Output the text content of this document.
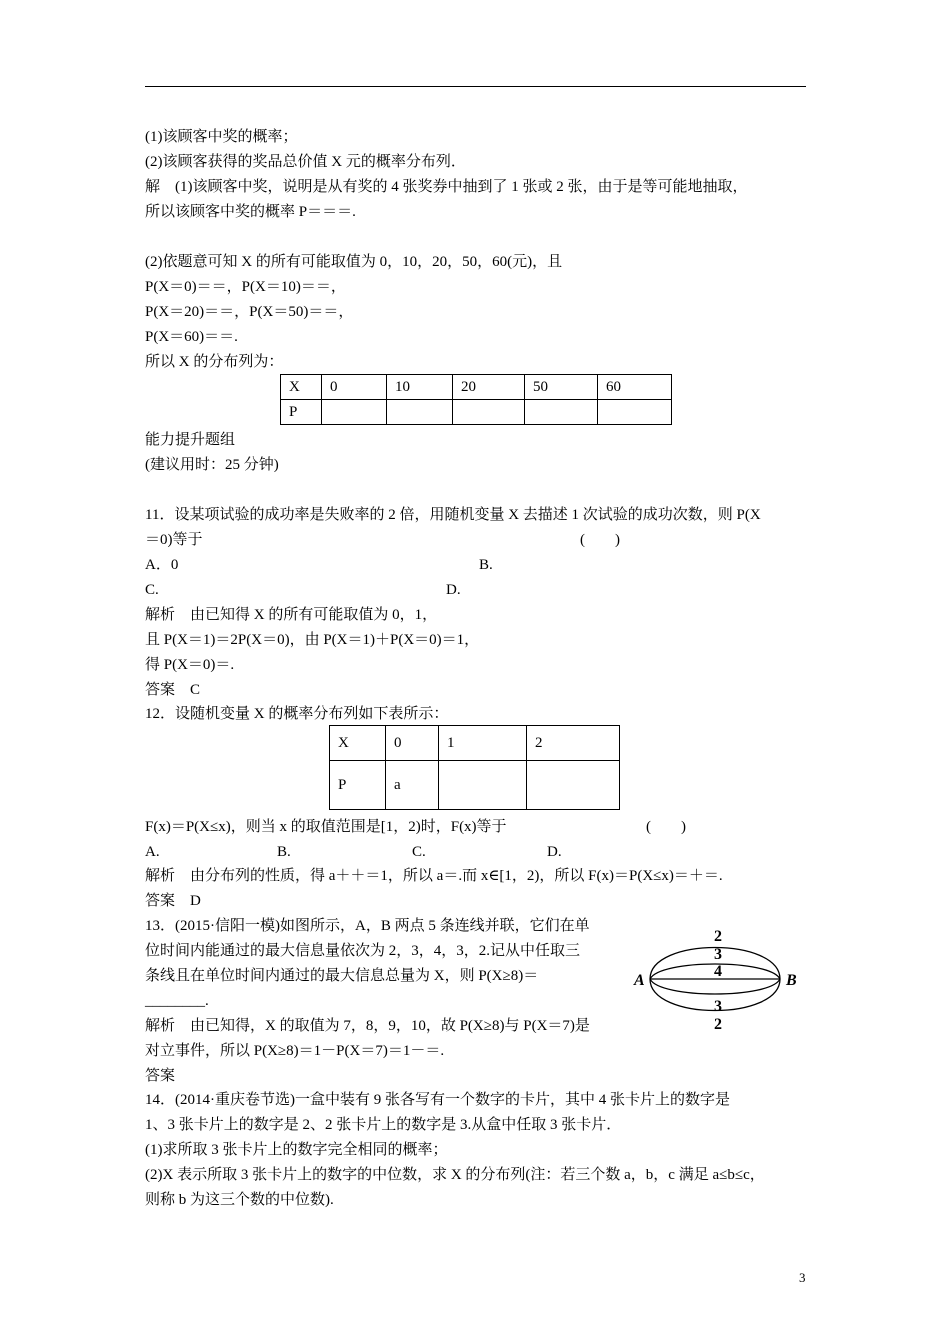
(1)该顾客中奖的概率；
(2)该顾客获得的奖品总价值 X 元的概率分布列．
解　(1)该顾客中奖，说明是从有奖的 4 张奖券中抽到了 1 张或 2 张，由于是等可能地抽取，
所以该顾客中奖的概率 P＝＝＝.
(2)依题意可知 X 的所有可能取值为 0，10，20，50，60(元)，且
P(X＝0)＝＝，P(X＝10)＝＝，
P(X＝20)＝＝，P(X＝50)＝＝，
P(X＝60)＝＝.
所以 X 的分布列为：
X	0	10	20	50	60
P					
能力提升题组
(建议用时：25 分钟)
11．设某项试验的成功率是失败率的 2 倍，用随机变量 X 去描述 1 次试验的成功次数，则 P(X
＝0)等于	(　　)
A．0	B.
C.	D.
解析　由已知得 X 的所有可能取值为 0，1，
且 P(X＝1)＝2P(X＝0)，由 P(X＝1)＋P(X＝0)＝1，
得 P(X＝0)＝.
答案　C
12．设随机变量 X 的概率分布列如下表所示：
X	0	1	2
P	a		
F(x)＝P(X≤x)，则当 x 的取值范围是[1，2)时，F(x)等于	(　　)
A.	B.	C.	D.
解析　由分布列的性质，得 a＋＋＝1，所以 a＝.而 x∈[1，2)，所以 F(x)＝P(X≤x)＝＋＝.
答案　D
13．(2015·信阳一模)如图所示，A，B 两点 5 条连线并联，它们在单
位时间内能通过的最大信息量依次为 2，3，4，3，2.记从中任取三
条线且在单位时间内通过的最大信息总量为 X，则 P(X≥8)＝
________.
解析　由已知得，X 的取值为 7，8，9，10，故 P(X≥8)与 P(X＝7)是
对立事件，所以 P(X≥8)＝1－P(X＝7)＝1－＝.
答案
A	B
2
3
4
3
2
14．(2014·重庆卷节选)一盒中装有 9 张各写有一个数字的卡片，其中 4 张卡片上的数字是
1、3 张卡片上的数字是 2、2 张卡片上的数字是 3.从盒中任取 3 张卡片．
(1)求所取 3 张卡片上的数字完全相同的概率；
(2)X 表示所取 3 张卡片上的数字的中位数，求 X 的分布列(注：若三个数 a，b，c 满足 a≤b≤c，
则称 b 为这三个数的中位数).
3
